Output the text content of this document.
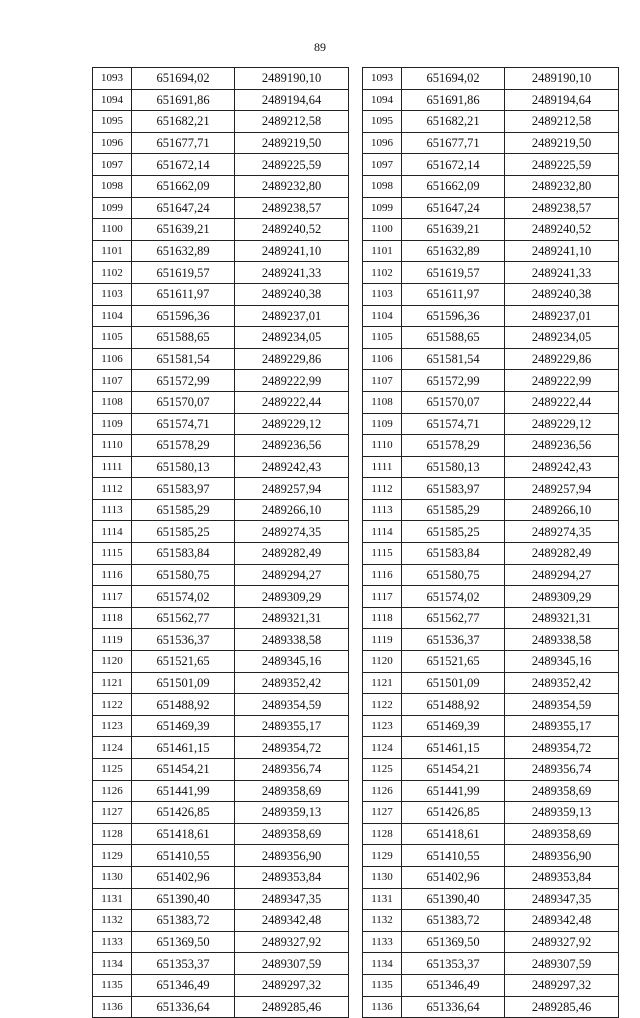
89
1093	651694,02	2489190,10
1094	651691,86	2489194,64
1095	651682,21	2489212,58
1096	651677,71	2489219,50
1097	651672,14	2489225,59
1098	651662,09	2489232,80
1099	651647,24	2489238,57
1100	651639,21	2489240,52
1101	651632,89	2489241,10
1102	651619,57	2489241,33
1103	651611,97	2489240,38
1104	651596,36	2489237,01
1105	651588,65	2489234,05
1106	651581,54	2489229,86
1107	651572,99	2489222,99
1108	651570,07	2489222,44
1109	651574,71	2489229,12
1110	651578,29	2489236,56
1111	651580,13	2489242,43
1112	651583,97	2489257,94
1113	651585,29	2489266,10
1114	651585,25	2489274,35
1115	651583,84	2489282,49
1116	651580,75	2489294,27
1117	651574,02	2489309,29
1118	651562,77	2489321,31
1119	651536,37	2489338,58
1120	651521,65	2489345,16
1121	651501,09	2489352,42
1122	651488,92	2489354,59
1123	651469,39	2489355,17
1124	651461,15	2489354,72
1125	651454,21	2489356,74
1126	651441,99	2489358,69
1127	651426,85	2489359,13
1128	651418,61	2489358,69
1129	651410,55	2489356,90
1130	651402,96	2489353,84
1131	651390,40	2489347,35
1132	651383,72	2489342,48
1133	651369,50	2489327,92
1134	651353,37	2489307,59
1135	651346,49	2489297,32
1136	651336,64	2489285,46
1093	651694,02	2489190,10
1094	651691,86	2489194,64
1095	651682,21	2489212,58
1096	651677,71	2489219,50
1097	651672,14	2489225,59
1098	651662,09	2489232,80
1099	651647,24	2489238,57
1100	651639,21	2489240,52
1101	651632,89	2489241,10
1102	651619,57	2489241,33
1103	651611,97	2489240,38
1104	651596,36	2489237,01
1105	651588,65	2489234,05
1106	651581,54	2489229,86
1107	651572,99	2489222,99
1108	651570,07	2489222,44
1109	651574,71	2489229,12
1110	651578,29	2489236,56
1111	651580,13	2489242,43
1112	651583,97	2489257,94
1113	651585,29	2489266,10
1114	651585,25	2489274,35
1115	651583,84	2489282,49
1116	651580,75	2489294,27
1117	651574,02	2489309,29
1118	651562,77	2489321,31
1119	651536,37	2489338,58
1120	651521,65	2489345,16
1121	651501,09	2489352,42
1122	651488,92	2489354,59
1123	651469,39	2489355,17
1124	651461,15	2489354,72
1125	651454,21	2489356,74
1126	651441,99	2489358,69
1127	651426,85	2489359,13
1128	651418,61	2489358,69
1129	651410,55	2489356,90
1130	651402,96	2489353,84
1131	651390,40	2489347,35
1132	651383,72	2489342,48
1133	651369,50	2489327,92
1134	651353,37	2489307,59
1135	651346,49	2489297,32
1136	651336,64	2489285,46
